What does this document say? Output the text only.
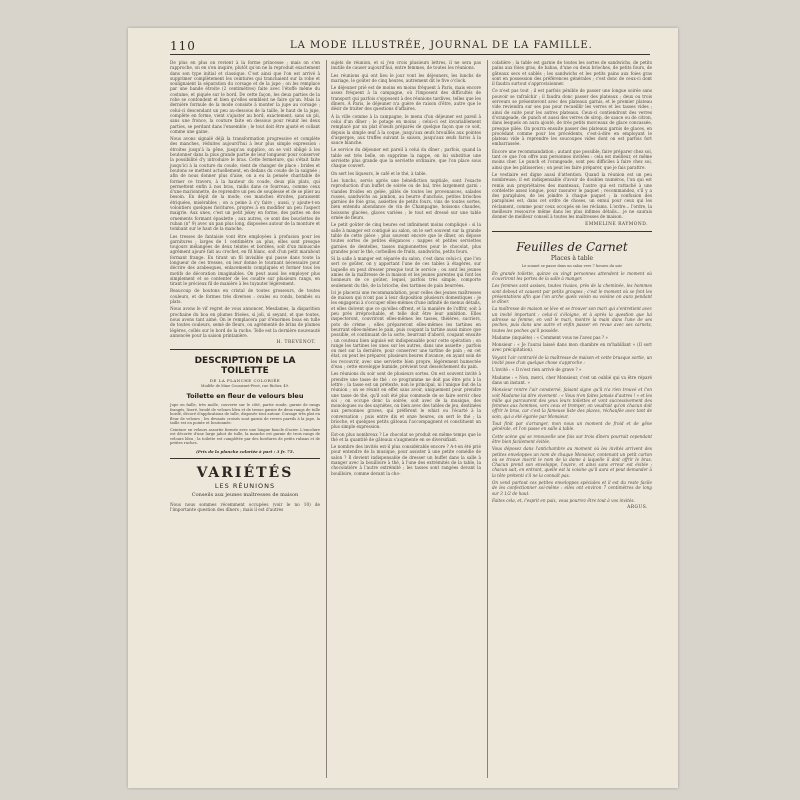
110	LA MODE ILLUSTRÉE, JOURNAL DE LA FAMILLE.

De plus en plus on revient à la forme princesse ; mais on s'en rapproche, on en s'en inspire, plutôt qu'on ne la reproduit exactement dans son type initial et classique. C'est ainsi que l'on est arrivé à supprimer complètement les ceintures qui tranchaient sur la robe et soulignaient la séparation du corsage et de la jupe ; on les remplace par une bande étroite (2 centimètres) faite avec l'étoffe même du costume, et piquée sur le bord. De cette façon, les deux parties de la robe se confondent et bien qu'elles semblent ne faire qu'un. Mais la dernière formule de la mode consiste à monter la jupe au corsage ; celui-ci descendant un peu au-dessous de la taille, le haut de la jupe, complète en forme, vient s'ajuster au bord, exactement, sans un pli, sans une fronce, la couture faite en dessous pour réunir les deux parties, se perdant dans l'ensemble ; le tout doit être ajusté et collant comme une gaine.

Nous avons signalé déjà la transformation progressive et complète des manches, réduites aujourd'hui à leur plus simple expression : étroites jusqu'à la gêne, jusqu'au supplice, on se voit obligé à les boutonner dans la plus grande partie de leur longueur pour conserver la possibilité d'y introduire le bras. Cette fermeture, qui s'était faite jusqu'ici à la couture du coude, vient de changer de place : brides et boutons se mettent actuellement, en dedans du coude de la saignée ; afin de nous donner plus d'aise, on a eu la pensée charitable de former ce travers, à la hauteur du coude, deux plis plats, qui permettent enfin à nos bras, raidis dans ce fourreau, comme ceux d'une marionnette, de reprendre un peu de souplesse et de se plier au besoin. En dépit de la mode, ces manches étroites, paraissent étriquées, misérables ; on a peine à s'y faire ; aussi, y ajoute-t-on volontiers quelques fioritures, propres à en modifier un peu l'aspect maigrie. Aux unes, c'est un petit jokey en forme, des pattes en des ornements formant épaulette ; aux autres, ce sont des bouclettes de ruban (n° 9) avec un pan plus long, disposées autour de la monture et tombant sur le haut de la manche.

Les tresses de fantaisie vont être employées à profusion pour les garnitures ; larges de 1 centimètre au plus, elles sont presque toujours mélangées de deux teintes et bordées, soit d'un minuscule agrément ajouré fait au crochet, en fil blanc, soit d'un petit marabout formant frange. En tirant un fil invisible qui passe dans toute la longueur de ces tresses, on leur donne le tournant nécessaire pour décrire des arabesques, enlacements compliqués et former tous les motifs de décoration imaginables. On peut aussi les employer plus simplement et se contenter de les coudre sur plusieurs rangs, en tirant le précieux fil de manière à les tuyauter légèrement.

Beaucoup de boutons en cristal de toutes grosseurs, de toutes couleurs, et de formes très diverses : ovales ou ronds, bombés ou plats.

Nous avons le vif regret de vous annoncer, Mesdames, la disparition prochaine du boa en plumes frisées, si joli, si seyant, et que toutes, nous avons tant aimé. On le remplacera par d'énormes boas en tulle de toutes couleurs, semé de fleurs, ou agrémenté de brins de plumes légères, collés sur le bord de la ruche. Telle est la dernière nouveauté annoncée pour la saison printanière.

H. TREVENOT.
DESCRIPTION DE LA TOILETTE
DE LA PLANCHE COLORIÉE
Modèle de Mme Coussinet-Pivot, rue Richer, 49.
Toilette en fleur de velours bleu

Jupe en faille, très molle, couverte sur le côté, partie ronde, garnie de rangs frangés, liseré, brodé de velours bleu et de tresse garnie de deux rangs de tulle bordé, décoré d'applications de tulle, disposée tout autour. Corsage très plat en fleur de velours ; les devants croisés sont garnis de revers pareils à la jupe, la taille est en pointe et boutonnée.

Ceinture en velours assortie formée avec une longue boucle d'acier. L'encolure est décorée d'une large jabot de tulle, la manche est garnie de trois rangs de velours bleu ; la toilette est complétée par des bordures de petits rubans et de petites ruches.

(Prix de la planche coloriée à part : 3 fr. 75.
VARIÉTÉS
LES RÉUNIONS
Conseils aux jeunes maîtresses de maison

Nous nous sommes récemment occupées (voir le no 10) de l'importante question des dîners ; mais il est d'autres

sujets de réunion, et si j'en crois plusieurs lettres, il ne sera pas inutile de causer aujourd'hui, entre femmes, de toutes les réunions.

Les réunions qui ont lieu le jour vont les déjeuners, les lunchs de mariage, le goûter de cinq heures, autrement dit le five o'clock.

Le déjeuner prié est de moins en moins fréquent à Paris, mais encore assez fréquent à la campagne, où l'imposent des difficultés de transport qui parfois s'opposent à des réunions tardives, telles que les dîners. À Paris, le déjeuner n'a guère de raison d'être, autre que le désir de traiter des questions d'affaires.

À la ville comme à la campagne, le menu d'un déjeuner est pareil à celui d'un dîner ; le potage en moins ; celui-ci est invariablement remplacé par un plat d'œufs préparés de quelque façon que ce soit, depuis la simple œuf à la coque, jusqu'aux œufs brouillés aux pointes d'asperges, aux truffes suivant la saison, jusqu'aux œufs farcis à la sauce blanche.

Le service du déjeuner est pareil à celui du dîner ; parfois, quand la table est très belle, on supprime la nappe, on lui substitue une serviette plus grande que la serviette ordinaire, que l'on place sous chaque couvert.

On sert les liqueurs, le café et le thé, à table.

Les lunchs, servis après une bénédiction nuptiale, sont l'exacte reproduction d'un buffet de soirée ou de bal, très largement garni : viandes froides en gelée, pâtés de toutes les provenances, salades russes, sandwichs au jambon, au beurre d'anchois, petites brioches garnies de foie gras, assiettes de petits fours, vins de toutes sortes, bien entendu abondance de vin de Champagne, boissons chaudes, boissons glacées, glaces variées ; le tout est dressé sur une table ornée de fleurs.

Le petit goûter de cinq heures est infiniment moins compliqué : si la salle à manger est contiguë au salon, on le sert souvent sur la grande table de cette pièce ; plus souvent encore que le dîner, on dépose toutes sortes de petites élégances : nappes et petites serviettes garnies de dentelles, tasses mignonnettes pour le chocolat, plus grandes pour le thé, corbeilles de fruits, sandwichs, petits fours.

Si la salle à manger est séparée du salon, c'est dans celui-ci, que l'on sert ce goûter, on y apportant l'une de ces tables à étagères, sur laquelle on peut dresser presque tout le service ; ou sont les jeunes amies de la maîtresse de la maison et les jeunes parentes qui font les honneurs de ce goûter, lequel, parfois très simple, comporte seulement du thé, de la brioche, des tartines de pain beurrées.

Ici je placerai une recommandation, pour celles des jeunes maîtresses de maison qui n'ont pas à leur disposition plusieurs domestiques : je les engagerai à s'occuper elles-mêmes d'une infinité de menus détails, et elles doivent que ce qu'elles offrent, et la manière de l'offrir, soit à peu près irréprochable, et telle doit être leur ambition. Elles inspecteront, couvriront elles-mêmes les tasses, théières, sucriers, pots de crème ; elles prépareront elles-mêmes les tartines en beurrant elles-mêmes le pain, puis coupant la tartine aussi mince que possible, et continuant de la sorte, beurrant d'abord, coupant ensuite ; un couteau bien aiguisé est indispensable pour cette opération ; on range les tartines les unes sur les autres, dans une assiette ; parfois on met sur la dernière, pour conserver une tartine de pain ; en cet état, on peut les préparer, plusieurs heures d'avance, en ayant soin de les recouvrir, avec une serviette bien propre, légèrement humectée d'eau ; cette enveloppe humide, prévient tout desséchement du pain.

Les réunions du soir sont de plusieurs sortes. On est souvent invité à prendre une tasse de thé : ce programme ne doit pas être pris à la lettre ; la tasse est un prétexte, non le principal, ni l'unique but de la réunion ; on se réunit en effet sans avoir, uniquement pour prendre une tasse de thé, qu'il soit été plus commode de se faire servir chez soi ; on occupe donc la soirée, soit avec de la musique, des monologues ou des saynètes, ou bien avec des tables de jeu, destinées aux personnes graves, qui préfèrent le whist ou l'écarté à la conversation ; puis entre dix et onze heures, on sert le thé ; la brioche, et quelques petits gâteaux l'accompagnent et constituent un plus simple expression.

Est-on plus nombreux ? Le chocolat se produit en même temps que le thé et la quantité de gâteaux s'augmente en se diversifiant.

Le nombre des invités est-il plus considérable encore ? A-t-on été prié pour entendre de la musique, pour assister à une petite comédie de salon ? Il devient indispensable de dresser un buffet dans la salle à manger avec la bouilloire à thé, à l'une des extrémités de la table, la chocolatière à l'autre extrémité ; les tasses sont rangées devant la bouilloire, comme devant la cho-

colatière ; la table est garnie de toutes les sortes de sandwichs, de petits pains aux foies gras, de babas, d'une ou deux brioches, de petits fours, de gâteaux secs et sablés ; les sandwichs et les petits pains aux foies gras sont en possession des préférences générales ; c'est donc de ceux-ci dont il faudra surtout s'approvisionner.

Ce n'est pas tout ; il est parfois pénible de passer une longue soirée sans pouvoir se rafraîchir ; il faudra donc passer des plateaux ; deux ou trois serveurs se présenteront avec des plateaux garnis, et le premier plateau vide reviendra sur ses pas pour recueillir les verres et les tasses vides ; ainsi de suite pour les autres plateaux. Ceux-ci contiendront des verres d'orangeade, de punch et aussi des verres de sirop, de sauce ou de citron, dans lesquels on aura ajouté, de très petits morceaux de glace concassée, presque pilée. On pourra ensuite passer des plateaux garnis de glaces, en procédant comme pour les précédents, c'est-à-dire en employant le plateau vide à reprendre les soucoupes vides dont on est parfois fort embarrassée.

Encore une recommandation ; autant que possible, faire préparer chez soi, tant ce que l'on offre aux personnes invitées : cela est meilleur, et même moins cher. Le punch et l'orangeade, sont peu difficiles à faire chez soi, ainsi que les pâtisseries ; on peut les faire préparer, que je fais parattre.

Le vestiaire est digne aussi d'attention. Quand la réunion est un peu nombreuse, il est indispensable d'avoir de doubles numéros, l'un qui est remis aux propriétaires des manteaux, l'autre qui est rattaché à une cordelette assez longue, pour rassurer le paquet ; recommandez, s'il y a des parapluies, de les joindre à chaque paquet ; la confusion des parapluies est, dans cet ordre de choses, un ennui pour ceux qui les réclament, comme pour ceux occupés en les réclams. L'ordre... l'ordre, la meilleure ressource même dans les plus infimes détails... je ne saurais donner de meilleur conseil à toutes les maîtresses de maison.

EMMELINE RAYMOND.
Feuilles de Carnet
Places à table
Le sonnet se passe dans un salon vers 7 heures du soir

En grande toilette, quinze ou vingt personnes attendent le moment où s'ouvriront les portes de la salle à manger.

Les femmes sont assises, toutes rivaies, près de la cheminée, les hommes sont debout et causent par petits groupes ; c'est le moment où se font les présentations afin que l'on arche quels voisin ou voisine on aura pendant le dîner.

La maîtresse de maison se lève et se trouver son mari qui s'entretient avec un invité important : celui-ci s'éloigne, et à après la question que lui adresse sa femme, en voit le mari, montre la main dans l'une de ses poches, puis dans une autre et enfin passer en revue avec ses carnets, toutes les poches qu'il possède.

Madame (inquiète) : « Comment vous ne l'avez pas ? »

Monsieur : « Je l'aurai laissé dans mon chambre en m'habillant » (Il sort avec précipitation).

Voyant l'air contrarié de la maîtresse de maison et cette brusque sortie, un invité pose d'un quelque chose s'approche :

L'invité : « Il n'est rien arrivé de grave ? »

Madame : « Non, merci, cher Monsieur, c'est un oublié qui va être réparé dans un instant. »

Monsieur rentre l'air consterné, faisant signe qu'il n'a rien trouvé et l'on voit Madame lui dire vivement : « Vous n'en faites jamais d'autres ! » et les mille qui parcourent des yeux leurs toilettes et vont successivement des femmes aux hommes, vers ceux et tromper, on voudrait qu'on chacun doit offrir le bras, car c'est la fameuse liste des places, réchaufée avec tant de soin, qui a été égarée par Monsieur.

Tout finit par s'arranger, mon nous un moment de froid et de gêne générale, et l'on passe en salle à table.

Cette scène qui se renouvelle une fois sur trois dîners pourrait cependant être bien facilement évitée.

Vous déposez dans l'antichambre au moment où les invités arrivent des petites enveloppes un nom de chaque Monsieur, contenant un petit carton où se trouve inscrit le nom de la dame à laquelle il doit offrir le bras. Chacun prend son enveloppe, l'ouvre, et ainsi sans erreur est évitée ; chacun sait, en entrant, quelle est la voisine qu'il aura et peut demander à la tête prétenti s'il ne la connaît pas.

On vend partout ces petites enveloppes spéciales et il est du reste facile de les confectionner soi-même : elles ont environ 7 centimètres de long sur 3 1/2 de haut.

Faites cela, et, l'esprit en paix, vous pourrez être tout à vos invités.

ARGUS.
